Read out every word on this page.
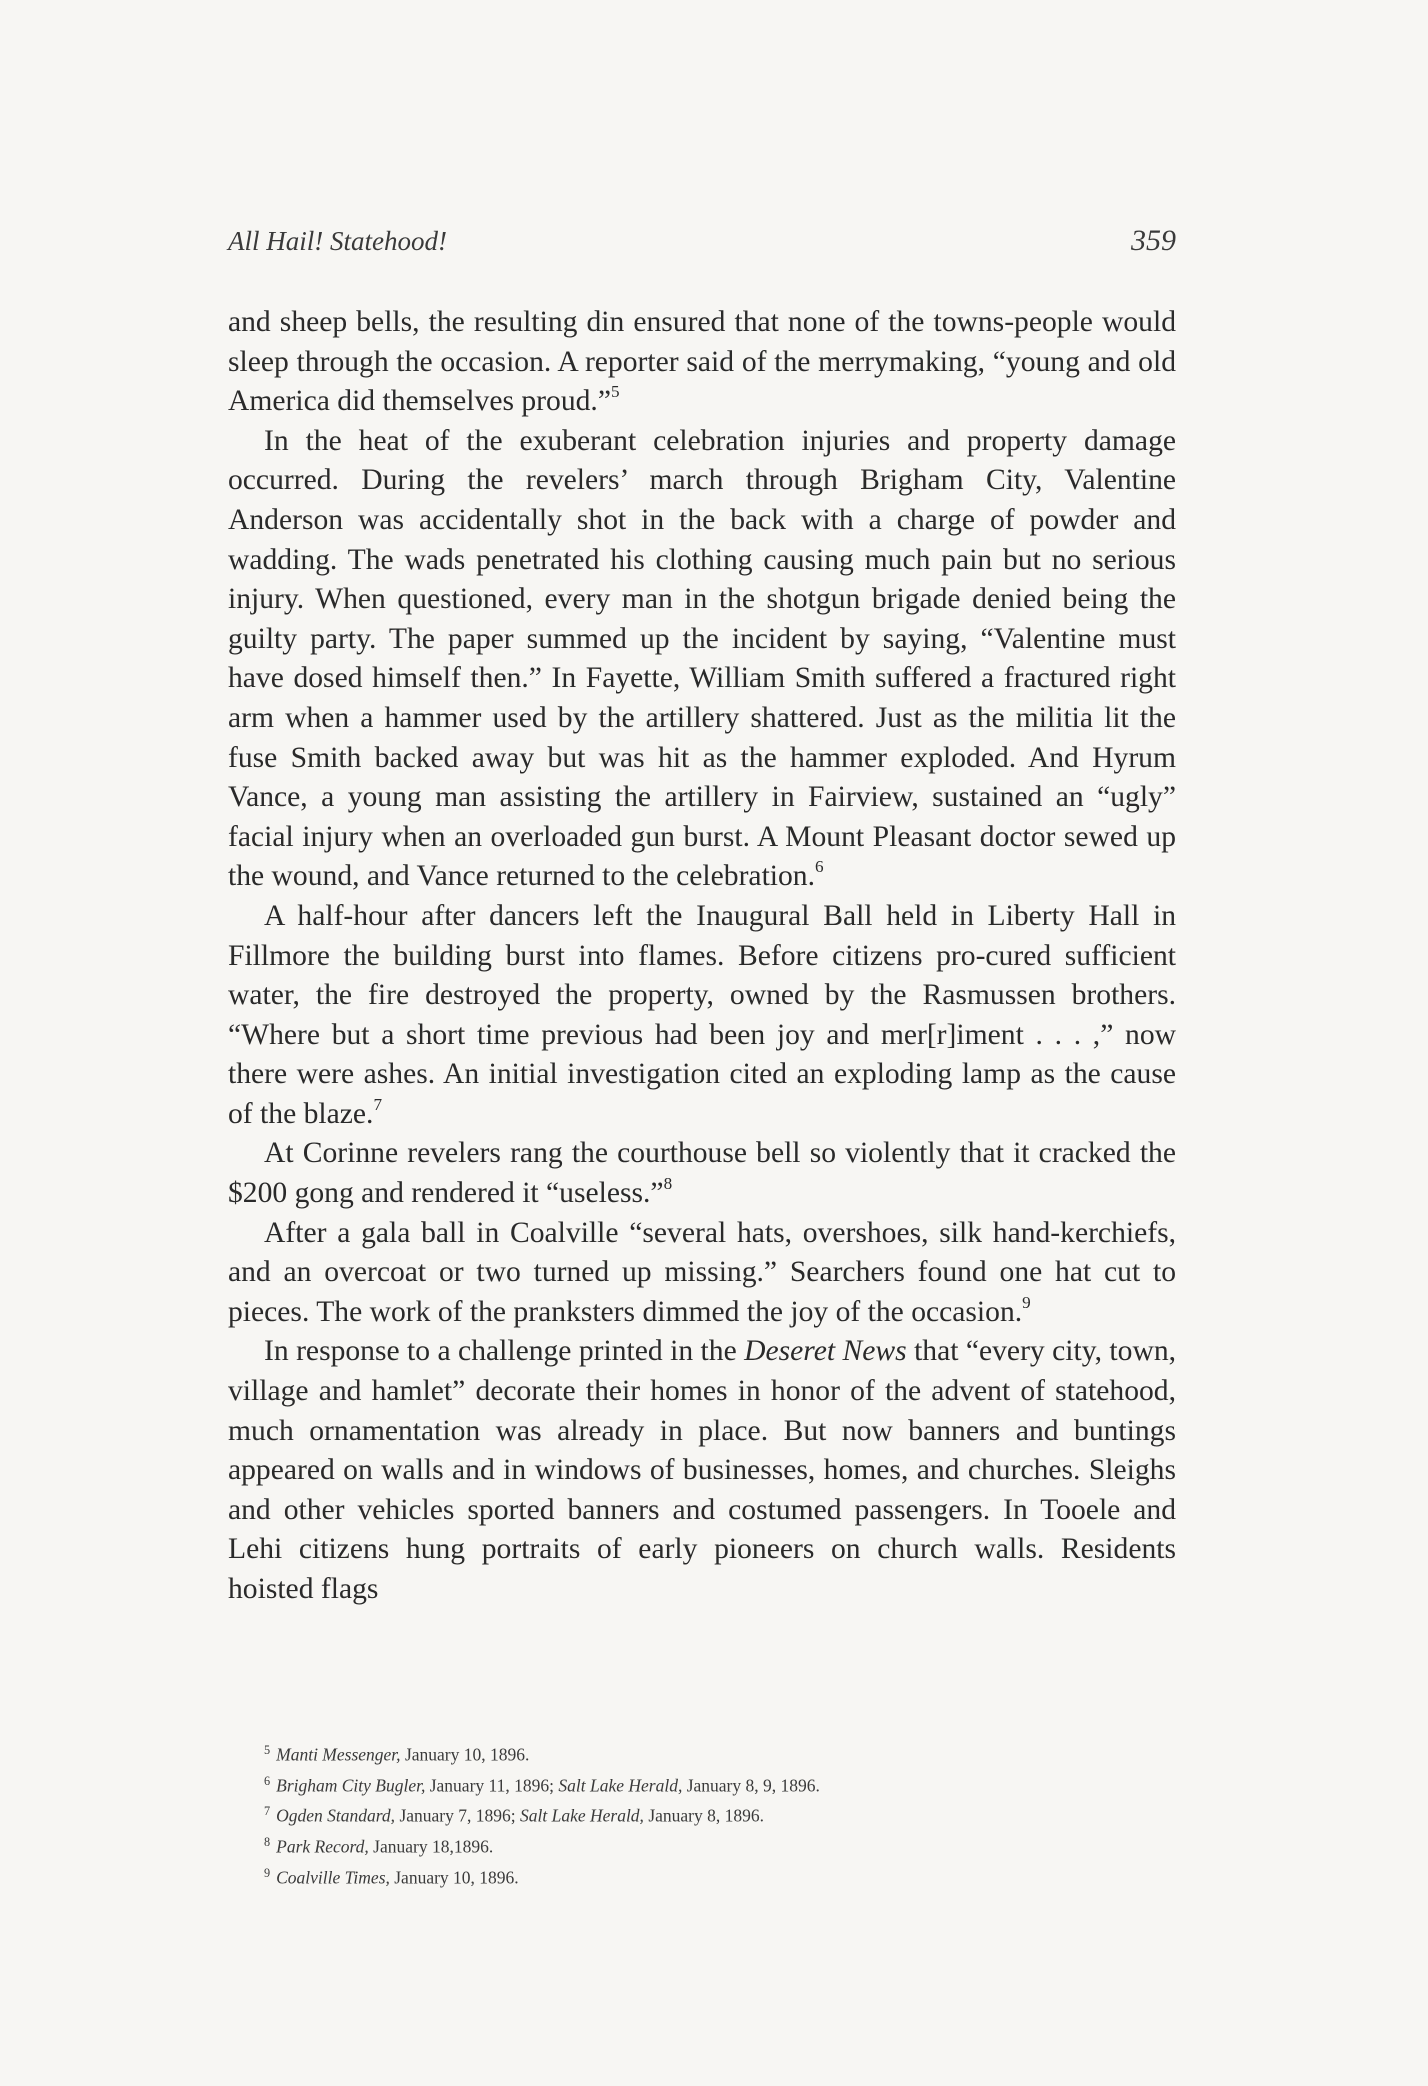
All Hail! Statehood!	359

and sheep bells, the resulting din ensured that none of the towns-people would sleep through the occasion. A reporter said of the merrymaking, “young and old America did themselves proud.”$^5$

In the heat of the exuberant celebration injuries and property damage occurred. During the revelers’ march through Brigham City, Valentine Anderson was accidentally shot in the back with a charge of powder and wadding. The wads penetrated his clothing causing much pain but no serious injury. When questioned, every man in the shotgun brigade denied being the guilty party. The paper summed up the incident by saying, “Valentine must have dosed himself then.” In Fayette, William Smith suffered a fractured right arm when a hammer used by the artillery shattered. Just as the militia lit the fuse Smith backed away but was hit as the hammer exploded. And Hyrum Vance, a young man assisting the artillery in Fairview, sustained an “ugly” facial injury when an overloaded gun burst. A Mount Pleasant doctor sewed up the wound, and Vance returned to the celebration.$^6$

A half-hour after dancers left the Inaugural Ball held in Liberty Hall in Fillmore the building burst into flames. Before citizens pro-cured sufficient water, the fire destroyed the property, owned by the Rasmussen brothers. “Where but a short time previous had been joy and mer[r]iment . . . ,” now there were ashes. An initial investigation cited an exploding lamp as the cause of the blaze.$^7$

At Corinne revelers rang the courthouse bell so violently that it cracked the $200 gong and rendered it “useless.”$^8$

After a gala ball in Coalville “several hats, overshoes, silk hand-kerchiefs, and an overcoat or two turned up missing.” Searchers found one hat cut to pieces. The work of the pranksters dimmed the joy of the occasion.$^9$

In response to a challenge printed in the Deseret News that “every city, town, village and hamlet” decorate their homes in honor of the advent of statehood, much ornamentation was already in place. But now banners and buntings appeared on walls and in windows of businesses, homes, and churches. Sleighs and other vehicles sported banners and costumed passengers. In Tooele and Lehi citizens hung portraits of early pioneers on church walls. Residents hoisted flags

$^5$ Manti Messenger, January 10, 1896.

$^6$ Brigham City Bugler, January 11, 1896; Salt Lake Herald, January 8, 9, 1896.

$^7$ Ogden Standard, January 7, 1896; Salt Lake Herald, January 8, 1896.

$^8$ Park Record, January 18,1896.

$^9$ Coalville Times, January 10, 1896.
